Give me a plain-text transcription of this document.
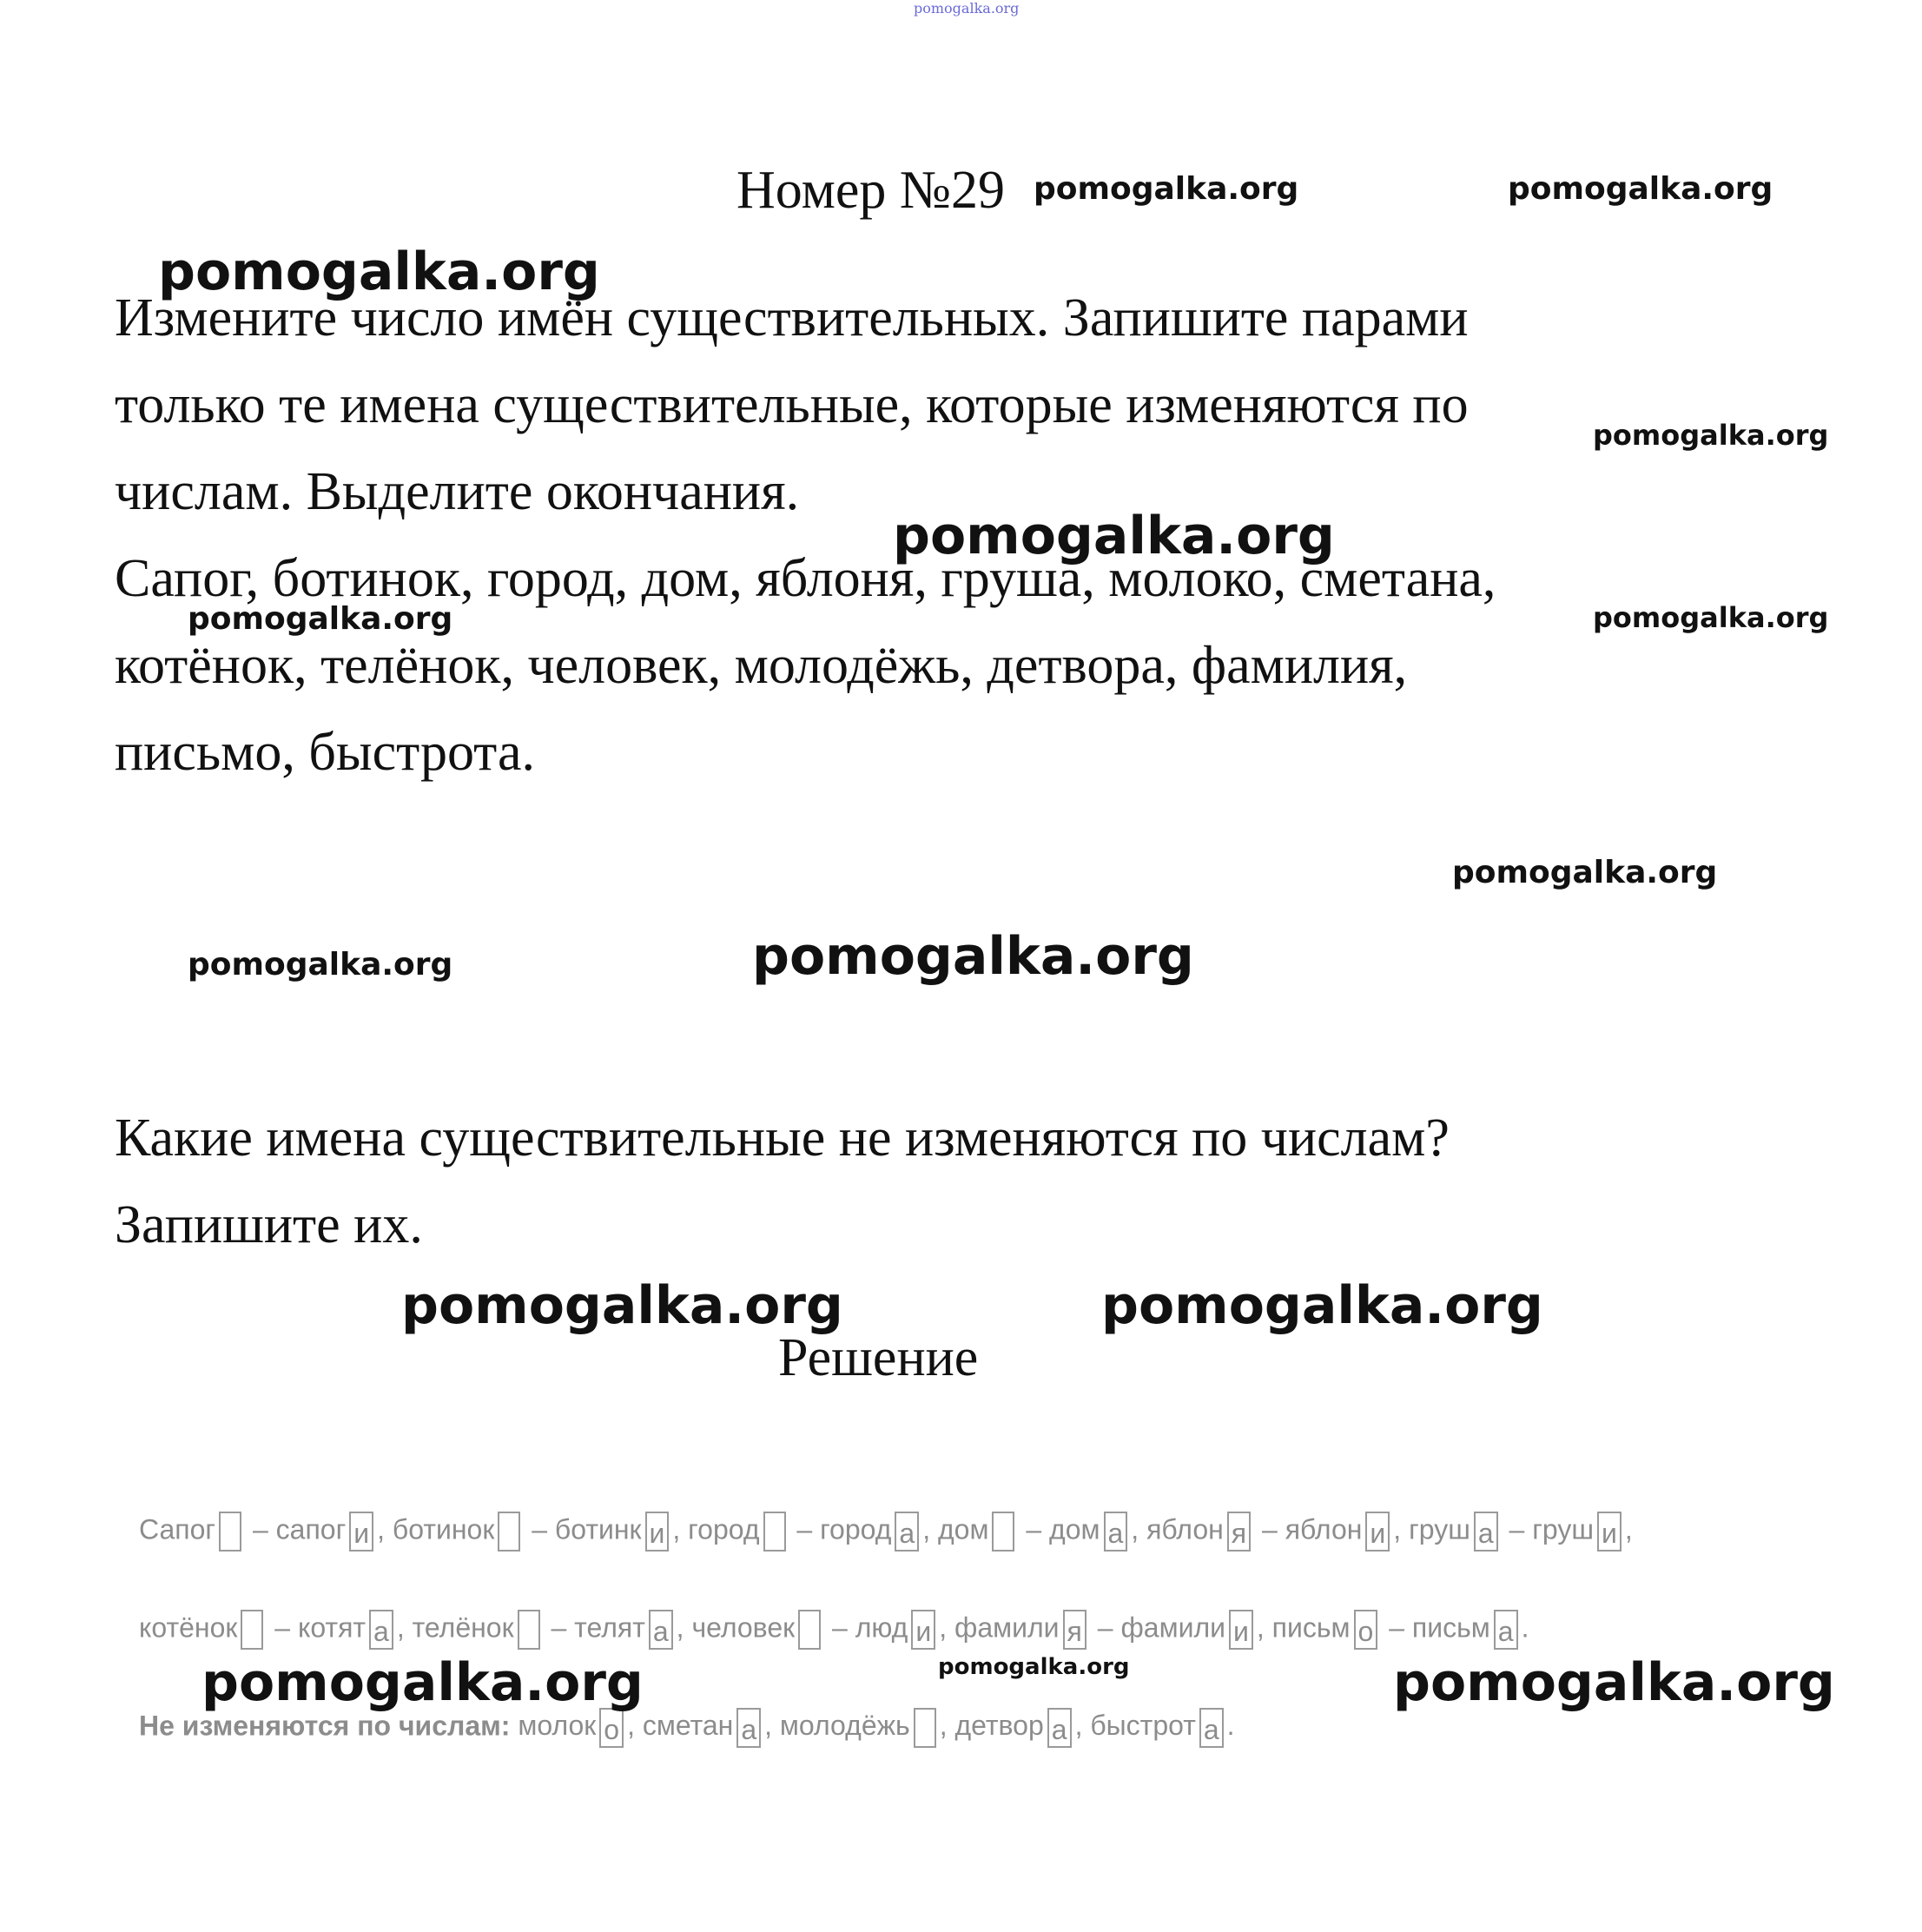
pomogalka.org
Номер №29
Измените число имён существительных. Запишите парами
только те имена существительные, которые изменяются по
числам. Выделите окончания.
Сапог, ботинок, город, дом, яблоня, груша, молоко, сметана,
котёнок, телёнок, человек, молодёжь, детвора, фамилия,
письмо, быстрота.
Какие имена существительные не изменяются по числам?
Запишите их.
Решение
Сапог – сапог и , ботинок – ботинк и , город – город а , дом – дом а , яблон я – яблон и , груш а – груш и ,
котёнок – котят а , телёнок – телят а , человек – люд и , фамили я – фамили и , письм о – письм а .
Не изменяются по числам: молок о , сметан а , молодёжь , детвор а , быстрот а .
pomogalka.org	pomogalka.org
pomogalka.org
pomogalka.org
pomogalka.org
pomogalka.org	pomogalka.org
pomogalka.org
pomogalka.org	pomogalka.org
pomogalka.org	pomogalka.org
pomogalka.org
pomogalka.org	pomogalka.org
